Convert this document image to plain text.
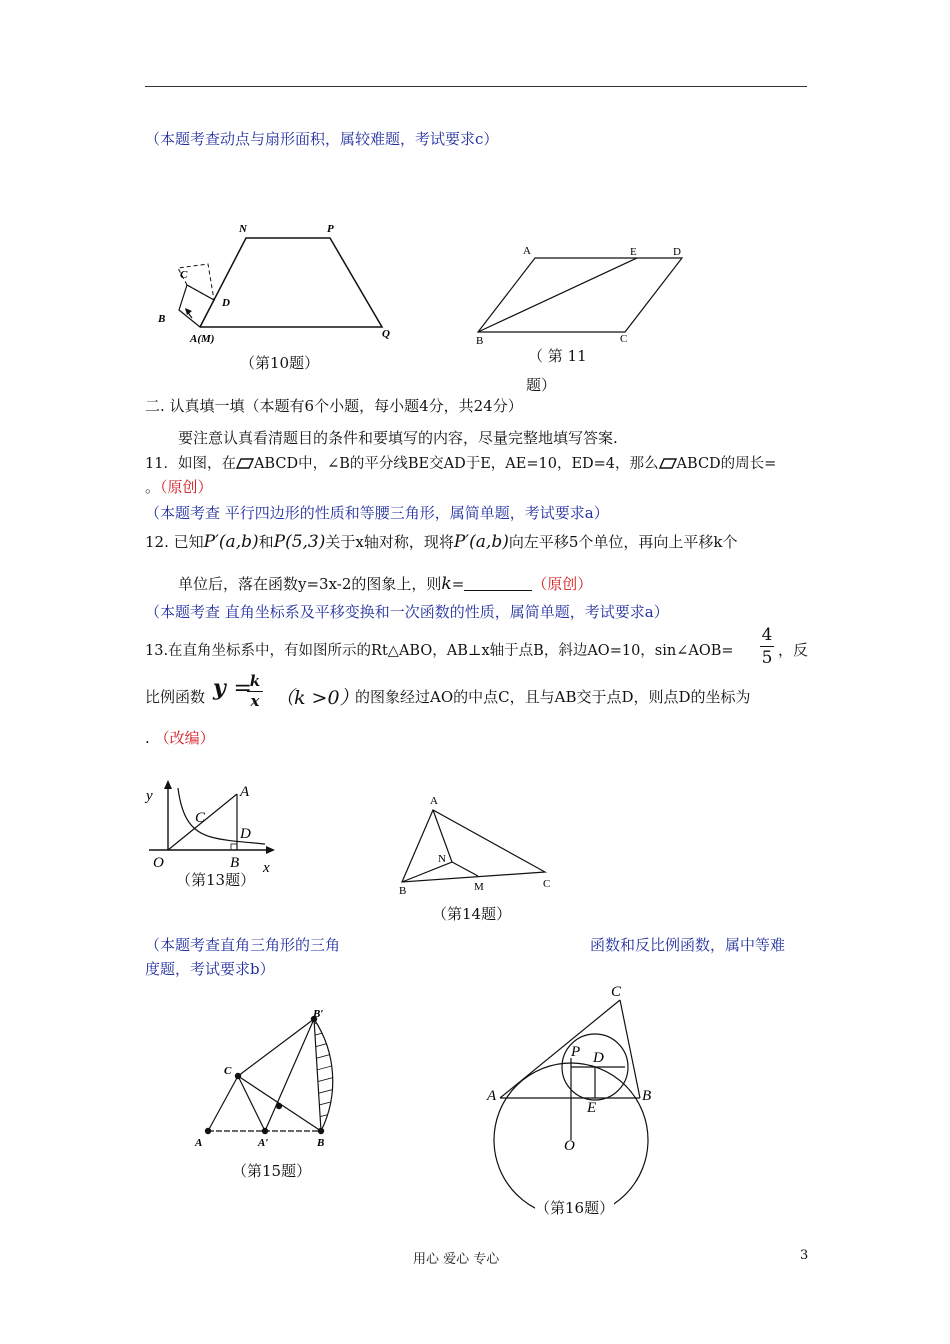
（本题考查动点与扇形面积，属较难题，考试要求c）
N	P
C
D
B
A(M)	Q
（第10题）
A	E	D
B	C
（ 第 11
题）
二. 认真填一填（本题有6个小题，每小题4分，共24分）
要注意认真看清题目的条件和要填写的内容，尽量完整地填写答案.
11．如图，在 ABCD中，∠B的平分线BE交AD于E，AE=10，ED=4，那么 ABCD的周长=
。（原创）
（本题考查 平行四边形的性质和等腰三角形，属简单题，考试要求a）
12. 已知P′(a,b)和P(5,3)关于x轴对称，现将P′(a,b)向左平移5个单位，再向上平移k个
单位后，落在函数y=3x-2的图象上，则k=	（原创）
（本题考查 直角坐标系及平移变换和一次函数的性质，属简单题，考试要求a）
13.在直角坐标系中，有如图所示的Rt△ABO，AB⊥x轴于点B，斜边AO=10，sin∠AOB=
4
5 ，反
比例函数 y =
k
x （k >0）
的图象经过AO的中点C，且与AB交于点D，则点D的坐标为
. （改编）
y	A
C
D
O	B x
（第13题）
A
N
B	M	C
（第14题）
（本题考查直角三角形的三角	函数和反比例函数，属中等难
度题，考试要求b）
B′
C
A	A′	B
（第15题）
C
P D
A	B
E
O
（第16题）
用心 爱心 专心	3
